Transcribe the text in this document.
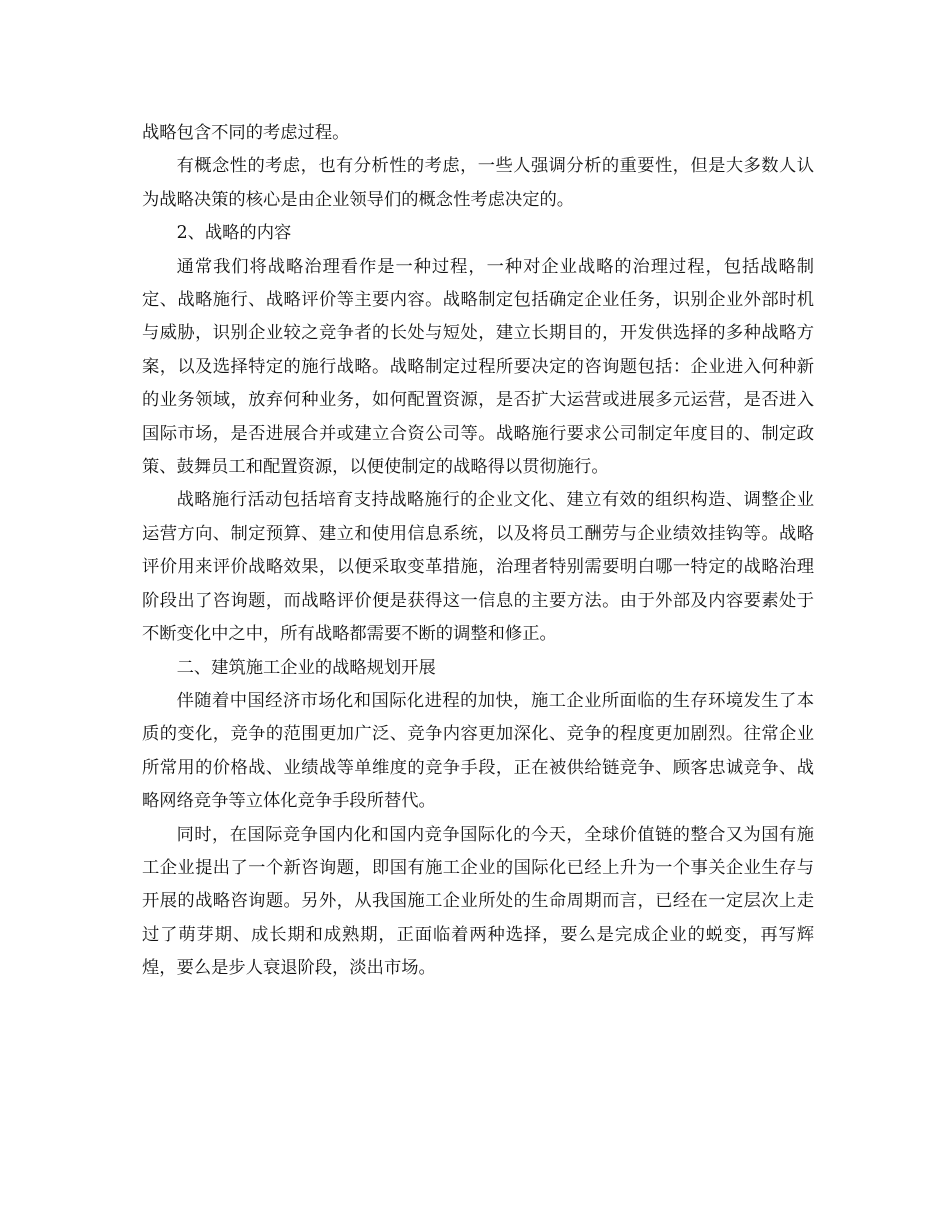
战略包含不同的考虑过程。

有概念性的考虑，也有分析性的考虑，一些人强调分析的重要性，但是大多数人认为战略决策的核心是由企业领导们的概念性考虑决定的。

2、战略的内容

通常我们将战略治理看作是一种过程，一种对企业战略的治理过程，包括战略制定、战略施行、战略评价等主要内容。战略制定包括确定企业任务，识别企业外部时机与威胁，识别企业较之竞争者的长处与短处，建立长期目的，开发供选择的多种战略方案，以及选择特定的施行战略。战略制定过程所要决定的咨询题包括：企业进入何种新的业务领域，放弃何种业务，如何配置资源，是否扩大运营或进展多元运营，是否进入国际市场，是否进展合并或建立合资公司等。战略施行要求公司制定年度目的、制定政策、鼓舞员工和配置资源，以便使制定的战略得以贯彻施行。

战略施行活动包括培育支持战略施行的企业文化、建立有效的组织构造、调整企业运营方向、制定预算、建立和使用信息系统，以及将员工酬劳与企业绩效挂钩等。战略评价用来评价战略效果，以便采取变革措施，治理者特别需要明白哪一特定的战略治理阶段出了咨询题，而战略评价便是获得这一信息的主要方法。由于外部及内容要素处于不断变化中之中，所有战略都需要不断的调整和修正。

二、建筑施工企业的战略规划开展

伴随着中国经济市场化和国际化进程的加快，施工企业所面临的生存环境发生了本质的变化，竞争的范围更加广泛、竞争内容更加深化、竞争的程度更加剧烈。往常企业所常用的价格战、业绩战等单维度的竞争手段，正在被供给链竞争、顾客忠诚竞争、战略网络竞争等立体化竞争手段所替代。

同时，在国际竞争国内化和国内竞争国际化的今天，全球价值链的整合又为国有施工企业提出了一个新咨询题，即国有施工企业的国际化已经上升为一个事关企业生存与开展的战略咨询题。另外，从我国施工企业所处的生命周期而言，已经在一定层次上走过了萌芽期、成长期和成熟期，正面临着两种选择，要么是完成企业的蜕变，再写辉煌，要么是步人衰退阶段，淡出市场。
